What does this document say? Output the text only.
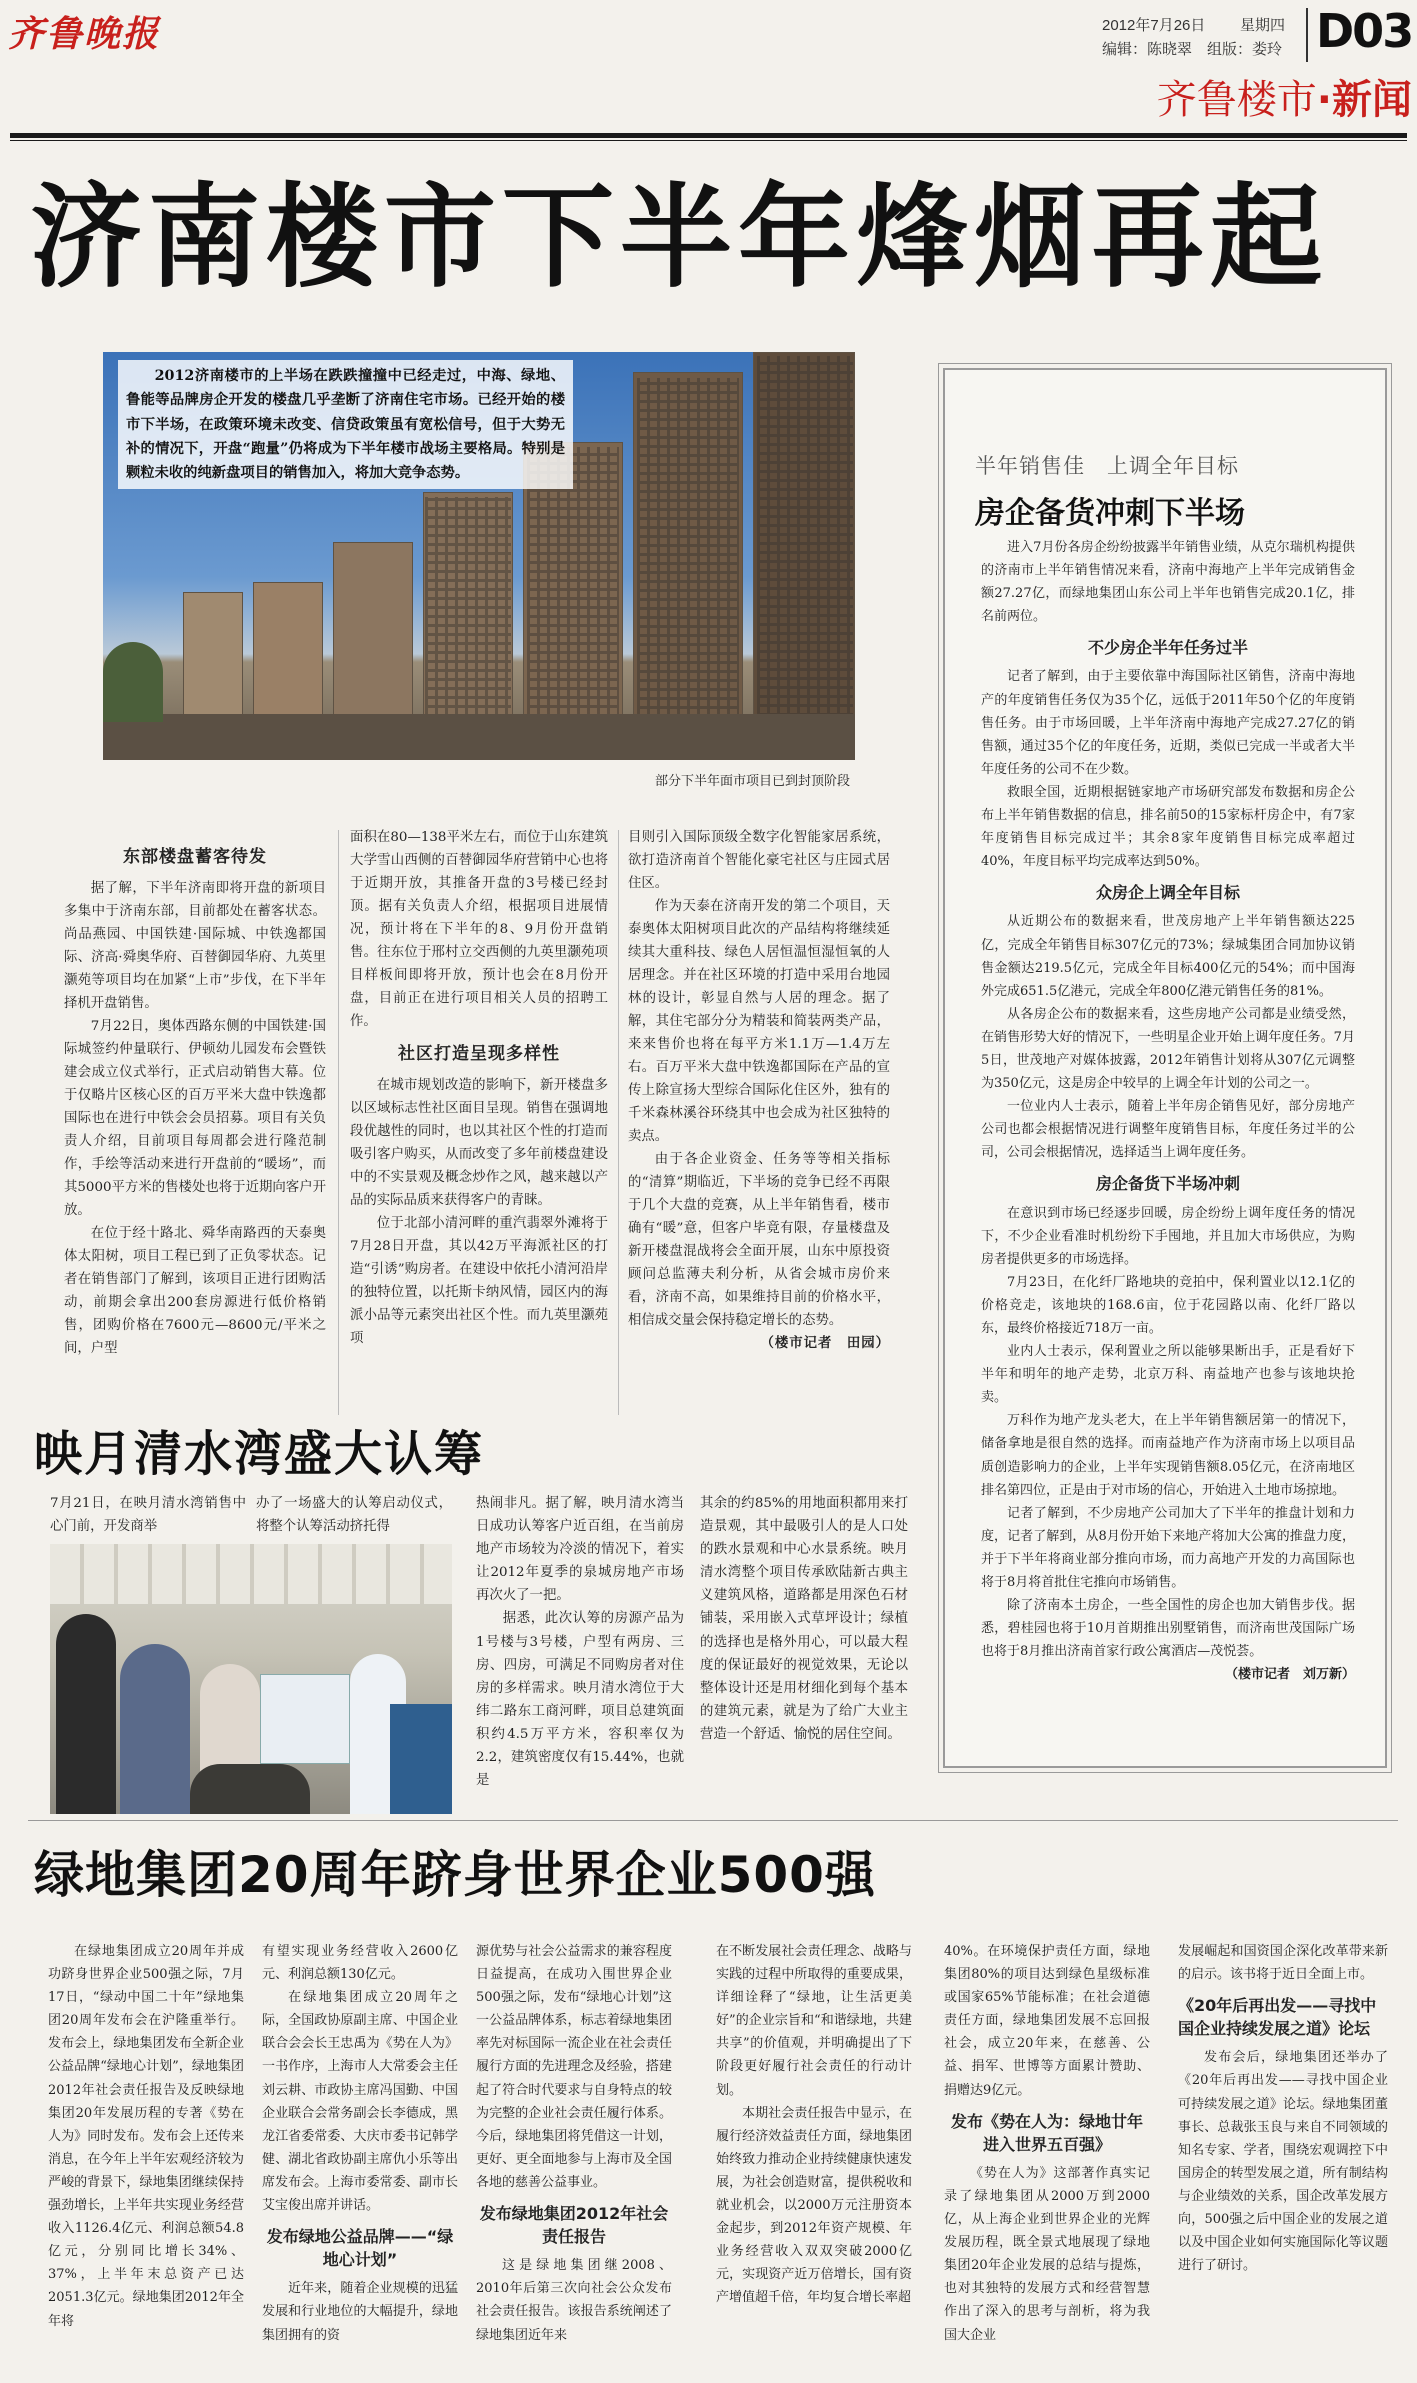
齐鲁晚报	2012年7月26日	星期四
编辑：陈晓翠　组版：娄玲 D03
齐鲁楼市·新闻
济南楼市下半年烽烟再起
2012济南楼市的上半场在跌跌撞撞中已经走过，中海、绿地、鲁能等品牌房企开发的楼盘几乎垄断了济南住宅市场。已经开始的楼市下半场，在政策环境未改变、信贷政策虽有宽松信号，但于大势无补的情况下，开盘“跑量”仍将成为下半年楼市战场主要格局。特别是颗粒未收的纯新盘项目的销售加入，将加大竞争态势。
部分下半年面市项目已到封顶阶段
东部楼盘蓄客待发

据了解，下半年济南即将开盘的新项目多集中于济南东部，目前都处在蓄客状态。尚品燕园、中国铁建·国际城、中铁逸都国际、济高·舜奥华府、百替御园华府、九英里灏苑等项目均在加紧“上市”步伐，在下半年择机开盘销售。

7月22日，奥体西路东侧的中国铁建·国际城签约仲量联行、伊顿幼儿园发布会暨铁建会成立仪式举行，正式启动销售大幕。位于仅略片区核心区的百万平米大盘中铁逸都国际也在进行中铁会会员招募。项目有关负责人介绍，目前项目每周都会进行隆范制作，手绘等活动来进行开盘前的“暖场”，而其5000平方米的售楼处也将于近期向客户开放。

在位于经十路北、舜华南路西的天泰奥体太阳树，项目工程已到了正负零状态。记者在销售部门了解到，该项目正进行团购活动，前期会拿出200套房源进行低价格销售，团购价格在7600元—8600元/平米之间，户型

面积在80—138平米左右，而位于山东建筑大学雪山西侧的百替御园华府营销中心也将于近期开放，其推备开盘的3号楼已经封顶。据有关负责人介绍，根据项目进展情况，预计将在下半年的8、9月份开盘销售。往东位于邢村立交西侧的九英里灏苑项目样板间即将开放，预计也会在8月份开盘，目前正在进行项目相关人员的招聘工作。

社区打造呈现多样性

在城市规划改造的影响下，新开楼盘多以区域标志性社区面目呈现。销售在强调地段优越性的同时，也以其社区个性的打造而吸引客户购买，从而改变了多年前楼盘建设中的不实景观及概念炒作之风，越来越以产品的实际品质来获得客户的青睐。

位于北部小清河畔的重汽翡翠外滩将于7月28日开盘，其以42万平海派社区的打造“引诱”购房者。在建设中依托小清河沿岸的独特位置，以托斯卡纳风情，园区内的海派小品等元素突出社区个性。而九英里灏苑项

目则引入国际顶级全数字化智能家居系统，欲打造济南首个智能化豪宅社区与庄园式居住区。

作为天泰在济南开发的第二个项目，天泰奥体太阳树项目此次的产品结构将继续延续其大重科技、绿色人居恒温恒湿恒氧的人居理念。并在社区环境的打造中采用台地园林的设计，彰显自然与人居的理念。据了解，其住宅部分分为精装和简装两类产品，来来售价也将在每平方米1.1万—1.4万左右。百万平米大盘中铁逸都国际在产品的宣传上除宣扬大型综合国际化住区外，独有的千米森林溪谷环绕其中也会成为社区独特的卖点。

由于各企业资金、任务等等相关指标的“清算”期临近，下半场的竞争已经不再限于几个大盘的竞赛，从上半年销售看，楼市确有“暖”意，但客户毕竟有限，存量楼盘及新开楼盘混战将会全面开展，山东中原投资顾问总监薄夫利分析，从省会城市房价来看，济南不高，如果维持目前的价格水平，相信成交量会保持稳定增长的态势。

（楼市记者　田园）
半年销售佳　上调全年目标
房企备货冲刺下半场

进入7月份各房企纷纷披露半年销售业绩，从克尔瑞机构提供的济南市上半年销售情况来看，济南中海地产上半年完成销售金额27.27亿，而绿地集团山东公司上半年也销售完成20.1亿，排名前两位。

不少房企半年任务过半

记者了解到，由于主要依靠中海国际社区销售，济南中海地产的年度销售任务仅为35个亿，远低于2011年50个亿的年度销售任务。由于市场回暖，上半年济南中海地产完成27.27亿的销售额，通过35个亿的年度任务，近期，类似已完成一半或者大半年度任务的公司不在少数。

救眼全国，近期根据链家地产市场研究部发布数据和房企公布上半年销售数据的信息，排名前50的15家标杆房企中，有7家年度销售目标完成过半；其余8家年度销售目标完成率超过40%，年度目标平均完成率达到50%。

众房企上调全年目标

从近期公布的数据来看，世茂房地产上半年销售额达225亿，完成全年销售目标307亿元的73%；绿城集团合同加协议销售金额达219.5亿元，完成全年目标400亿元的54%；而中国海外完成651.5亿港元，完成全年800亿港元销售任务的81%。

从各房企公布的数据来看，这些房地产公司都是业绩受然，在销售形势大好的情况下，一些明星企业开始上调年度任务。7月5日，世茂地产对媒体披露，2012年销售计划将从307亿元调整为350亿元，这是房企中较早的上调全年计划的公司之一。

一位业内人士表示，随着上半年房企销售见好，部分房地产公司也都会根据情况进行调整年度销售目标，年度任务过半的公司，公司会根据情况，选择适当上调年度任务。

房企备货下半场冲刺

在意识到市场已经逐步回暖，房企纷纷上调年度任务的情况下，不少企业看准时机纷纷下手囤地，并且加大市场供应，为购房者提供更多的市场选择。

7月23日，在化纤厂路地块的竞拍中，保利置业以12.1亿的价格竞走，该地块的168.6亩，位于花园路以南、化纤厂路以东，最终价格接近718万一亩。

业内人士表示，保利置业之所以能够果断出手，正是看好下半年和明年的地产走势，北京万科、南益地产也参与该地块抢卖。

万科作为地产龙头老大，在上半年销售额居第一的情况下，储备拿地是很自然的选择。而南益地产作为济南市场上以项目品质创造影响力的企业，上半年实现销售额8.05亿元，在济南地区排名第四位，正是由于对市场的信心，开始进入土地市场掠地。

记者了解到，不少房地产公司加大了下半年的推盘计划和力度，记者了解到，从8月份开始下来地产将加大公寓的推盘力度，并于下半年将商业部分推向市场，而力高地产开发的力高国际也将于8月将首批住宅推向市场销售。

除了济南本土房企，一些全国性的房企也加大销售步伐。据悉，碧桂园也将于10月首期推出别墅销售，而济南世茂国际广场也将于8月推出济南首家行政公寓酒店—茂悦荟。

（楼市记者　刘万新）
映月清水湾盛大认筹
7月21日，在映月清水湾销售中心门前，开发商举
办了一场盛大的认筹启动仪式，将整个认筹活动挤托得

热闹非凡。据了解，映月清水湾当日成功认筹客户近百组，在当前房地产市场较为冷淡的情况下，着实让2012年夏季的泉城房地产市场再次火了一把。

据悉，此次认筹的房源产品为1号楼与3号楼，户型有两房、三房、四房，可满足不同购房者对住房的多样需求。映月清水湾位于大纬二路东工商河畔，项目总建筑面积约4.5万平方米，容积率仅为2.2，建筑密度仅有15.44%，也就是

其余的约85%的用地面积都用来打造景观，其中最吸引人的是人口处的跌水景观和中心水景系统。映月清水湾整个项目传承欧陆新古典主义建筑风格，道路都是用深色石材铺装，采用嵌入式草坪设计；绿植的选择也是格外用心，可以最大程度的保证最好的视觉效果，无论以整体设计还是用材细化到每个基本的建筑元素，就是为了给广大业主营造一个舒适、愉悦的居住空间。

绿地集团20周年跻身世界企业500强

在绿地集团成立20周年并成功跻身世界企业500强之际，7月17日，“绿动中国二十年”绿地集团20周年发布会在沪隆重举行。发布会上，绿地集团发布全新企业公益品牌“绿地心计划”，绿地集团2012年社会责任报告及反映绿地集团20年发展历程的专著《势在人为》同时发布。发布会上还传来消息，在今年上半年宏观经济较为严峻的背景下，绿地集团继续保持强劲增长，上半年共实现业务经营收入1126.4亿元、利润总额54.8亿元，分别同比增长34%、37%，上半年末总资产已达2051.3亿元。绿地集团2012年全年将

有望实现业务经营收入2600亿元、利润总额130亿元。

在绿地集团成立20周年之际，全国政协原副主席、中国企业联合会会长王忠禹为《势在人为》一书作序，上海市人大常委会主任刘云耕、市政协主席冯国勤、中国企业联合会常务副会长李德成，黑龙江省委常委、大庆市委书记韩学健、湖北省政协副主席仇小乐等出席发布会。上海市委常委、副市长艾宝俊出席并讲话。

发布绿地公益品牌——“绿地心计划”

近年来，随着企业规模的迅猛发展和行业地位的大幅提升，绿地集团拥有的资

源优势与社会公益需求的兼容程度日益提高，在成功入围世界企业500强之际，发布“绿地心计划”这一公益品牌体系，标志着绿地集团率先对标国际一流企业在社会责任履行方面的先进理念及经验，搭建起了符合时代要求与自身特点的较为完整的企业社会责任履行体系。今后，绿地集团将凭借这一计划，更好、更全面地参与上海市及全国各地的慈善公益事业。

发布绿地集团2012年社会责任报告

这是绿地集团继2008、2010年后第三次向社会公众发布社会责任报告。该报告系统阐述了绿地集团近年来

在不断发展社会责任理念、战略与实践的过程中所取得的重要成果，详细诠释了“绿地，让生活更美好”的企业宗旨和“和谐绿地，共建共享”的价值观，并明确提出了下阶段更好履行社会责任的行动计划。

本期社会责任报告中显示，在履行经济效益责任方面，绿地集团始终致力推动企业持续健康快速发展，为社会创造财富，提供税收和就业机会，以2000万元注册资本金起步，到2012年资产规模、年业务经营收入双双突破2000亿元，实现资产近万倍增长，国有资产增值超千倍，年均复合增长率超

40%。在环境保护责任方面，绿地集团80%的项目达到绿色星级标准或国家65%节能标准；在社会道德责任方面，绿地集团发展不忘回报社会，成立20年来，在慈善、公益、捐军、世博等方面累计赞助、捐赠达9亿元。

发布《势在人为：绿地廿年进入世界五百强》

《势在人为》这部著作真实记录了绿地集团从2000万到2000亿，从上海企业到世界企业的光辉发展历程，既全景式地展现了绿地集团20年企业发展的总结与提炼，也对其独特的发展方式和经营智慧作出了深入的思考与剖析，将为我国大企业

发展崛起和国资国企深化改革带来新的启示。该书将于近日全面上市。

《20年后再出发——寻找中国企业持续发展之道》论坛

发布会后，绿地集团还举办了《20年后再出发——寻找中国企业可持续发展之道》论坛。绿地集团董事长、总裁张玉良与来自不同领域的知名专家、学者，围绕宏观调控下中国房企的转型发展之道，所有制结构与企业绩效的关系，国企改革发展方向，500强之后中国企业的发展之道以及中国企业如何实施国际化等议题进行了研讨。
